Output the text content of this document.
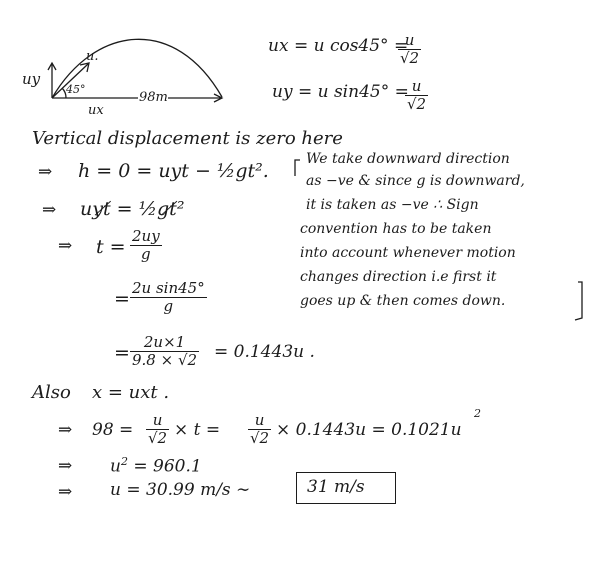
u.
uy
45°
ux
98m
ux = u cos45° =
$\frac{u}{√2}$
uy = u sin45° =
$\frac{u}{√2}$
Vertical displacement is zero here
⇒ h = 0 = uyt − ½gt².
We take downward direction
as −ve & since g is downward,
it is taken as −ve ∴ Sign
convention has to be taken
into account whenever motion
changes direction i.e first it
goes up & then comes down.
⇒ uyt̸ = ½gt̸²
⇒ $t = \frac{2uy}{g}$
= $\frac{\text{2u sin45°}}{g}$
= $\frac{2u\times 1}{9.8 \times √2} = 0.1443u$ .
Also x = uxt .
⇒ $98 = \frac{u}{√2} \times t = \frac{u}{√2} \times 0.1443u = 0.1021u$
2
⇒ $u^2 = 960.1$
⇒ u = 30.99 m/s ∼	31 m/s
